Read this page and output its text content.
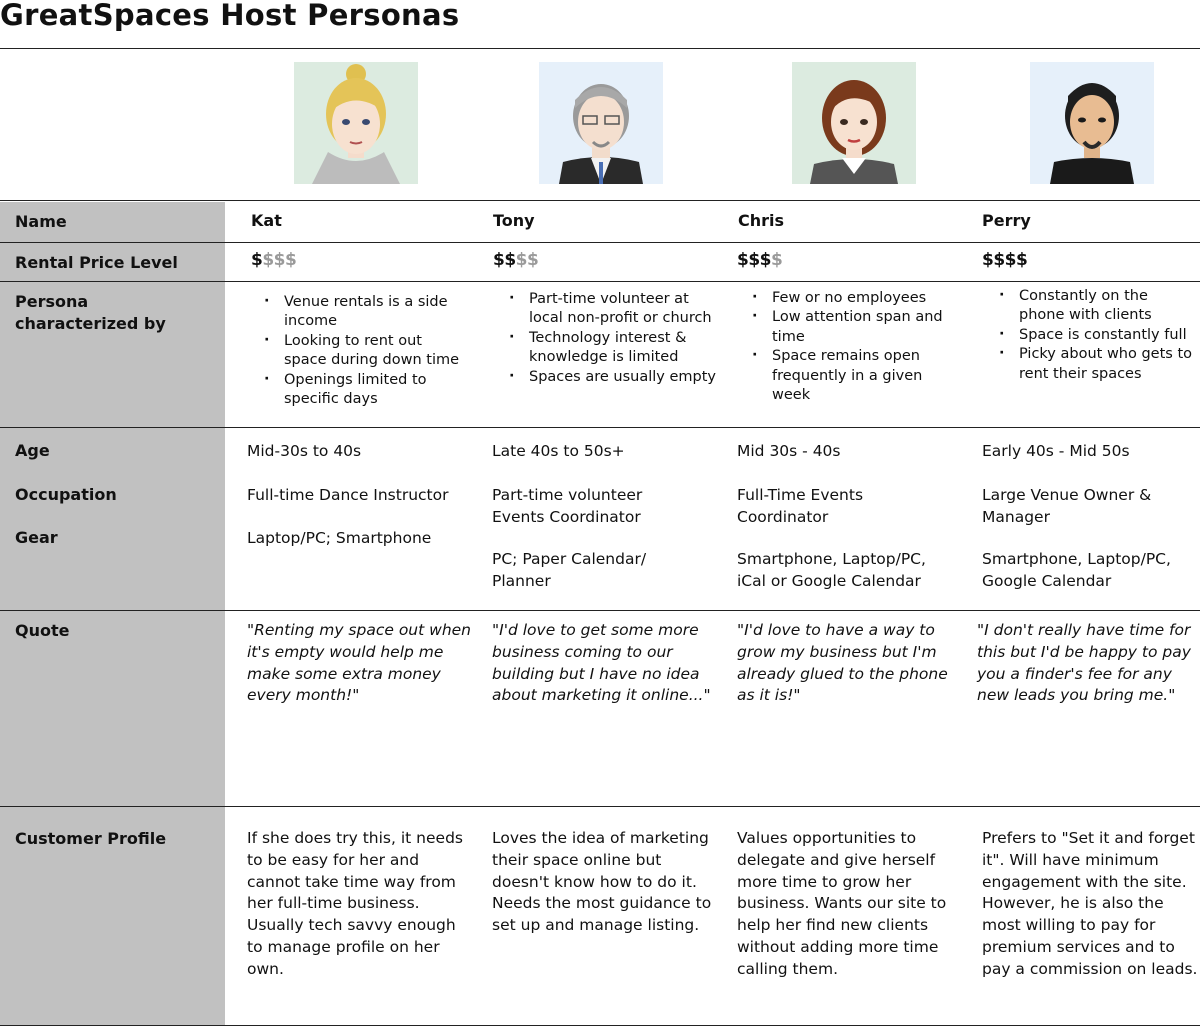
GreatSpaces Host Personas
Name
Rental Price Level
Persona characterized by
Age
Occupation
Gear
Quote
Customer Profile
Kat
$$$$
· Venue rentals is a side income
· Looking to rent out space during down time
· Openings limited to specific days
Mid-30s to 40s
Full-time Dance Instructor
Laptop/PC; Smartphone
"Renting my space out when it's empty would help me make some extra money every month!"
If she does try this, it needs to be easy for her and cannot take time way from her full-time business. Usually tech savvy enough to manage profile on her own.
Tony
$$$$
· Part-time volunteer at local non-profit or church
· Technology interest & knowledge is limited
· Spaces are usually empty
Late 40s to 50s+
Part-time volunteer Events Coordinator
PC; Paper Calendar/ Planner
"I'd love to get some more business coming to our building but I have no idea about marketing it online..."
Loves the idea of marketing their space online but doesn't know how to do it. Needs the most guidance to set up and manage listing.
Chris
$$$$
· Few or no employees
· Low attention span and time
· Space remains open frequently in a given week
Mid 30s - 40s
Full-Time Events Coordinator
Smartphone, Laptop/PC, iCal or Google Calendar
"I'd love to have a way to grow my business but I'm already glued to the phone as it is!"
Values opportunities to delegate and give herself more time to grow her business. Wants our site to help her find new clients without adding more time calling them.
Perry
$$$$
· Constantly on the phone with clients
· Space is constantly full
· Picky about who gets to rent their spaces
Early 40s - Mid 50s
Large Venue Owner & Manager
Smartphone, Laptop/PC, Google Calendar
"I don't really have time for this but I'd be happy to pay you a finder's fee for any new leads you bring me."
Prefers to "Set it and forget it". Will have minimum engagement with the site. However, he is also the most willing to pay for premium services and to pay a commission on leads.
